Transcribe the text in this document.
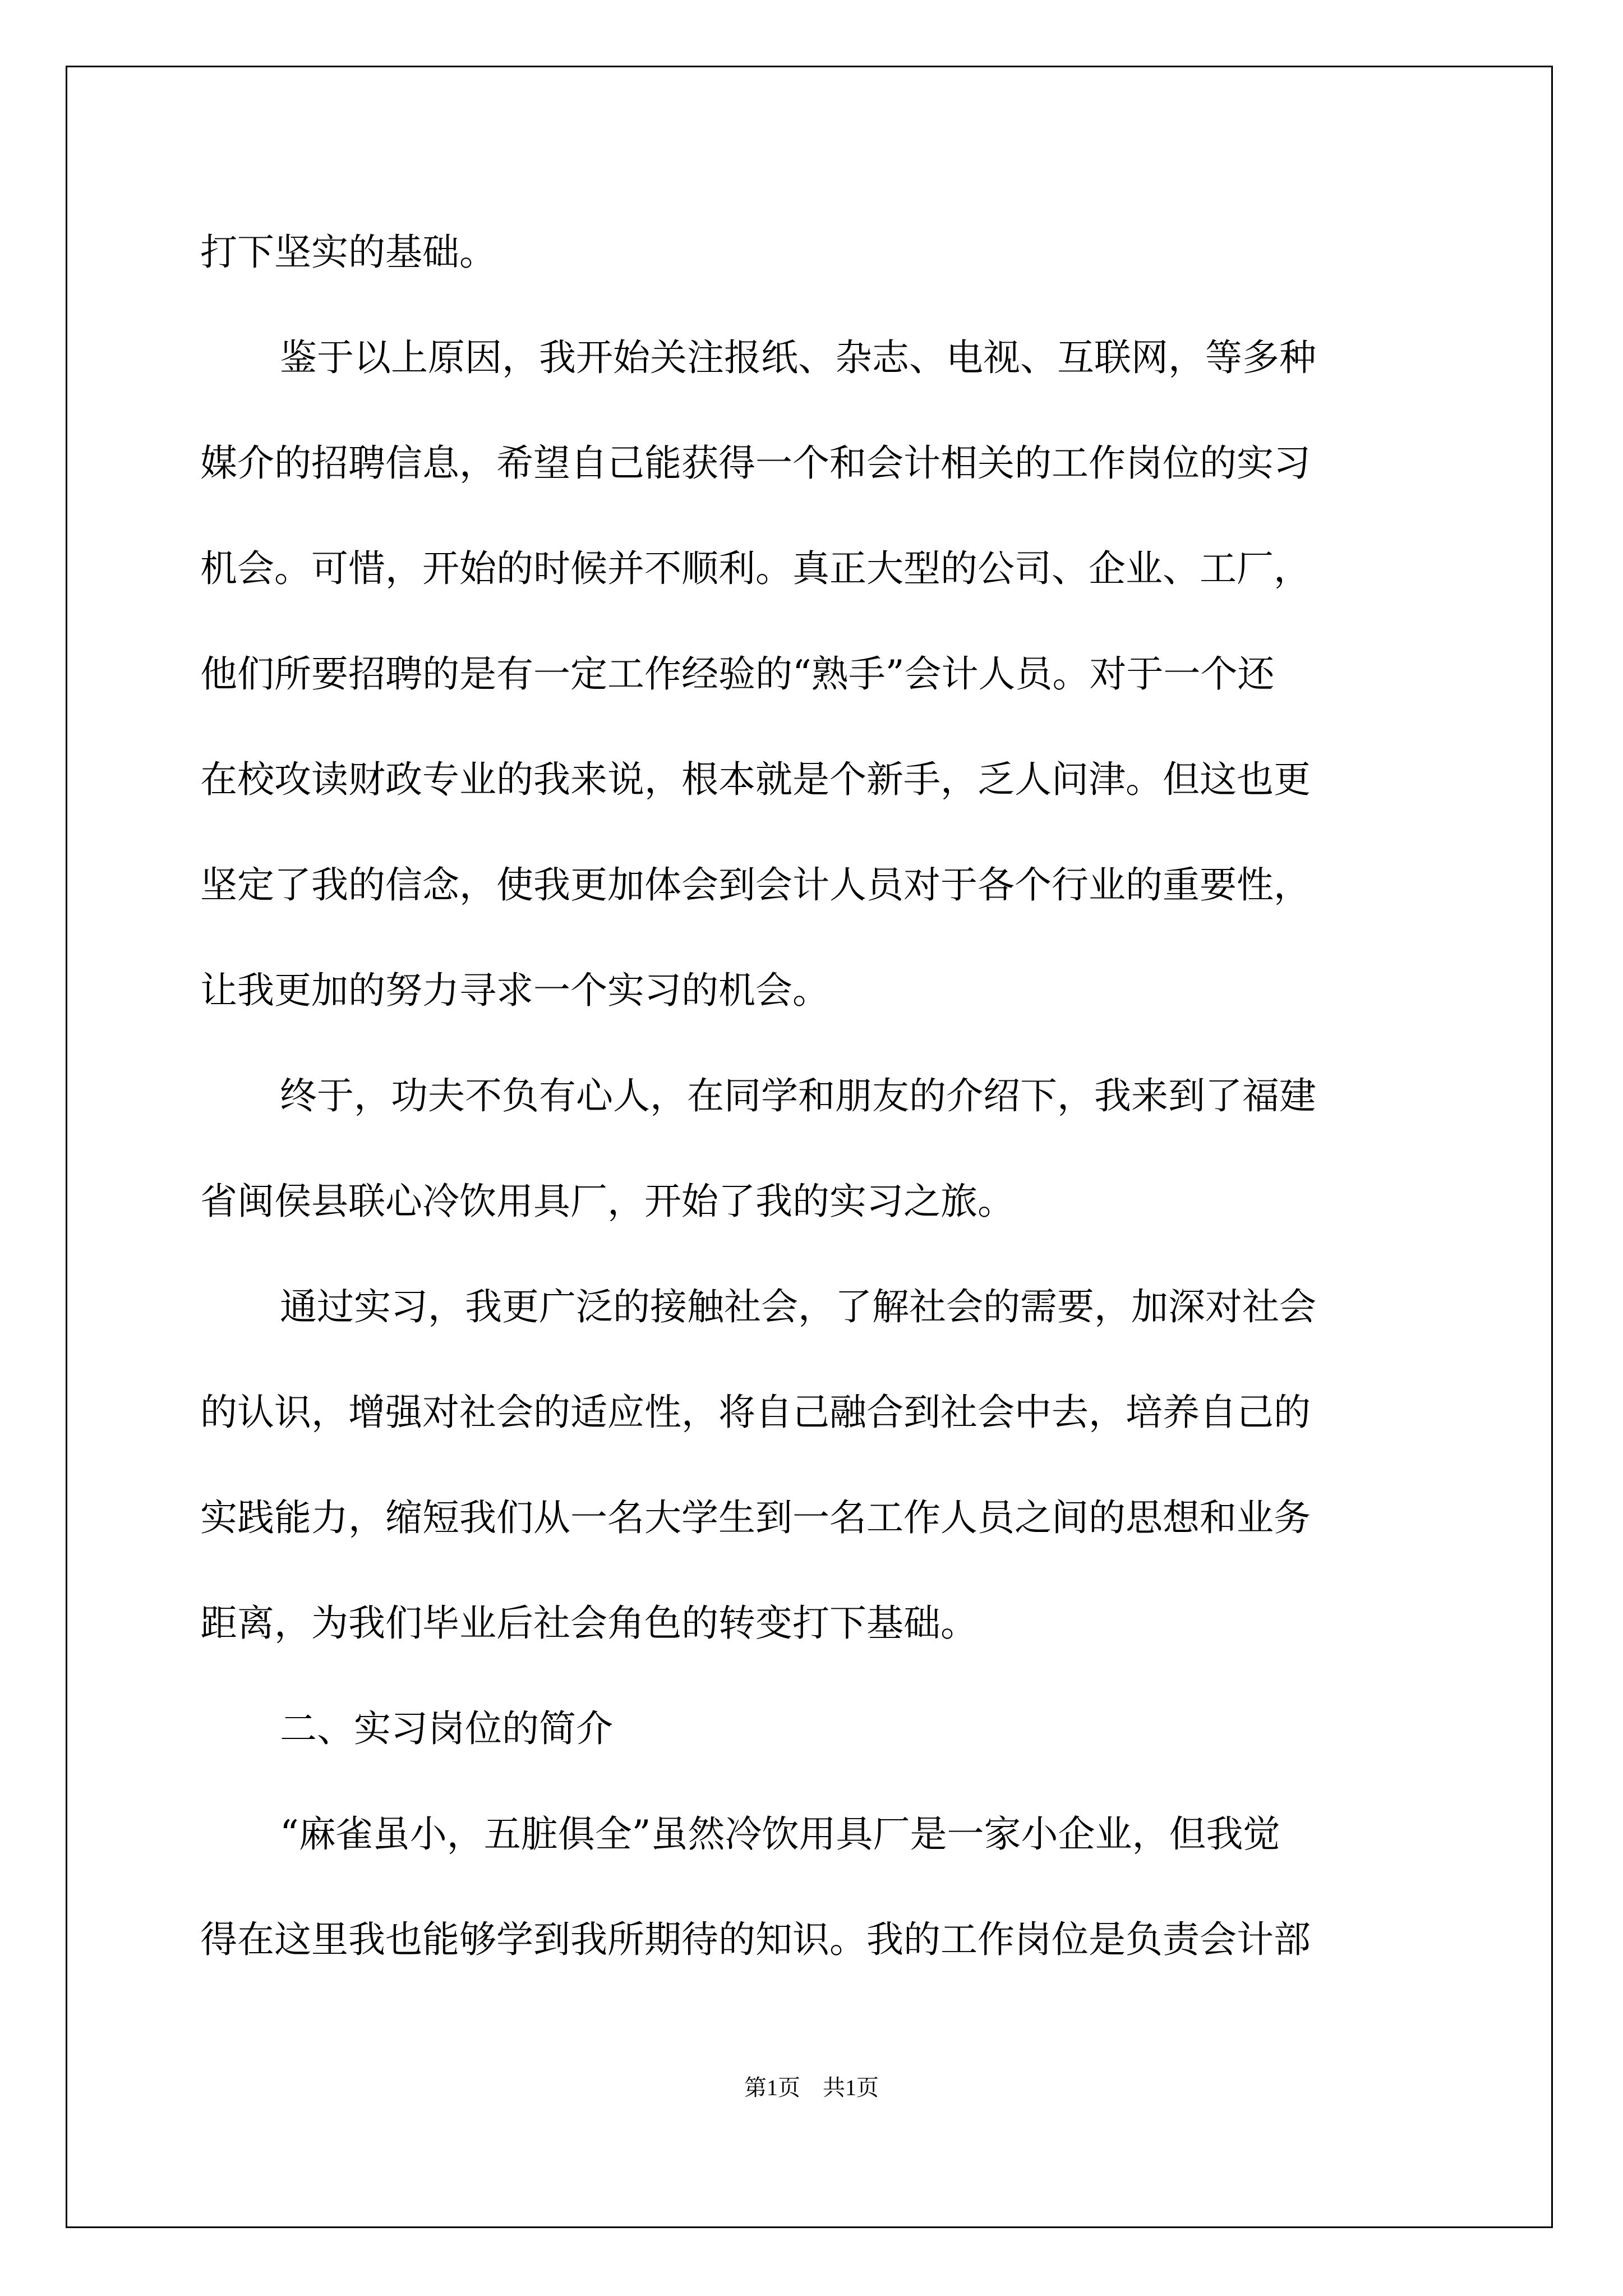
打下坚实的基础。
鉴于以上原因，我开始关注报纸、杂志、电视、互联网，等多种
媒介的招聘信息，希望自己能获得一个和会计相关的工作岗位的实习
机会。可惜，开始的时候并不顺利。真正大型的公司、企业、工厂，
他们所要招聘的是有一定工作经验的“熟手”会计人员。对于一个还
在校攻读财政专业的我来说，根本就是个新手，乏人问津。但这也更
坚定了我的信念，使我更加体会到会计人员对于各个行业的重要性，
让我更加的努力寻求一个实习的机会。
终于，功夫不负有心人，在同学和朋友的介绍下，我来到了福建
省闽侯县联心冷饮用具厂，开始了我的实习之旅。
通过实习，我更广泛的接触社会，了解社会的需要，加深对社会
的认识，增强对社会的适应性，将自己融合到社会中去，培养自己的
实践能力，缩短我们从一名大学生到一名工作人员之间的思想和业务
距离，为我们毕业后社会角色的转变打下基础。
二、实习岗位的简介
“麻雀虽小，五脏俱全”虽然冷饮用具厂是一家小企业，但我觉
得在这里我也能够学到我所期待的知识。我的工作岗位是负责会计部
第1页　共1页
